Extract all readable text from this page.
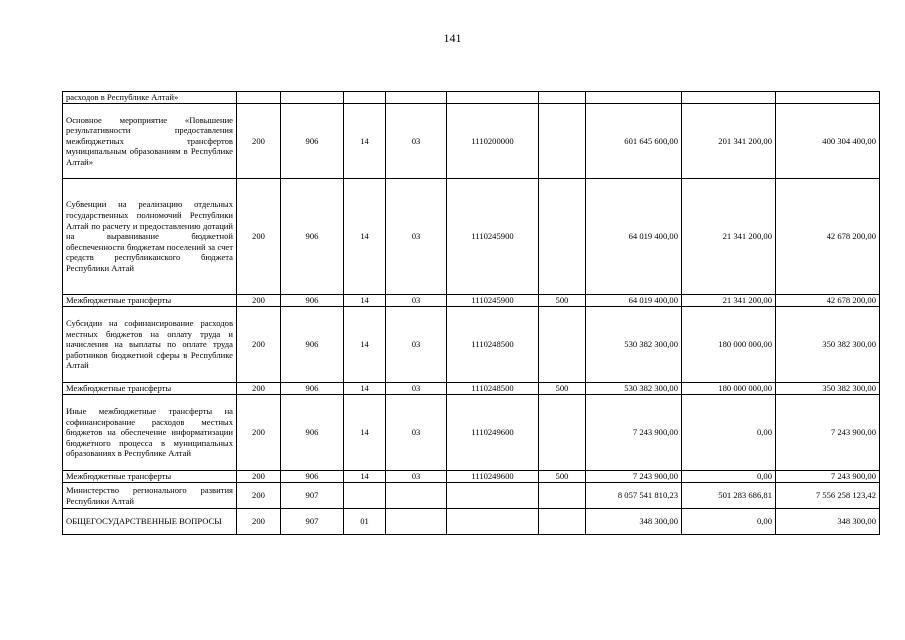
141
расходов в Республике Алтай»									
Основное мероприятие «Повышение результативности предоставления межбюджетных трансфертов муниципальным образованиям в Республике Алтай»	200	906	14	03	1110200000		601 645 600,00	201 341 200,00	400 304 400,00
Субвенции на реализацию отдельных государственных полномочий Республики Алтай по расчету и предоставлению дотаций на выравнивание бюджетной обеспеченности бюджетам поселений за счет средств республиканского бюджета Республики Алтай	200	906	14	03	1110245900		64 019 400,00	21 341 200,00	42 678 200,00
Межбюджетные трансферты	200	906	14	03	1110245900	500	64 019 400,00	21 341 200,00	42 678 200,00
Субсидии на софинансирование расходов местных бюджетов на оплату труда и начисления на выплаты по оплате труда работников бюджетной сферы в Республике Алтай	200	906	14	03	1110248500		530 382 300,00	180 000 000,00	350 382 300,00
Межбюджетные трансферты	200	906	14	03	1110248500	500	530 382 300,00	180 000 000,00	350 382 300,00
Иные межбюджетные трансферты на софинансирование расходов местных бюджетов на обеспечение информатизации бюджетного процесса в муниципальных образованиях в Республике Алтай	200	906	14	03	1110249600		7 243 900,00	0,00	7 243 900,00
Межбюджетные трансферты	200	906	14	03	1110249600	500	7 243 900,00	0,00	7 243 900,00
Министерство регионального развития Республики Алтай	200	907					8 057 541 810,23	501 283 686,81	7 556 258 123,42
ОБЩЕГОСУДАРСТВЕННЫЕ ВОПРОСЫ	200	907	01				348 300,00	0,00	348 300,00
